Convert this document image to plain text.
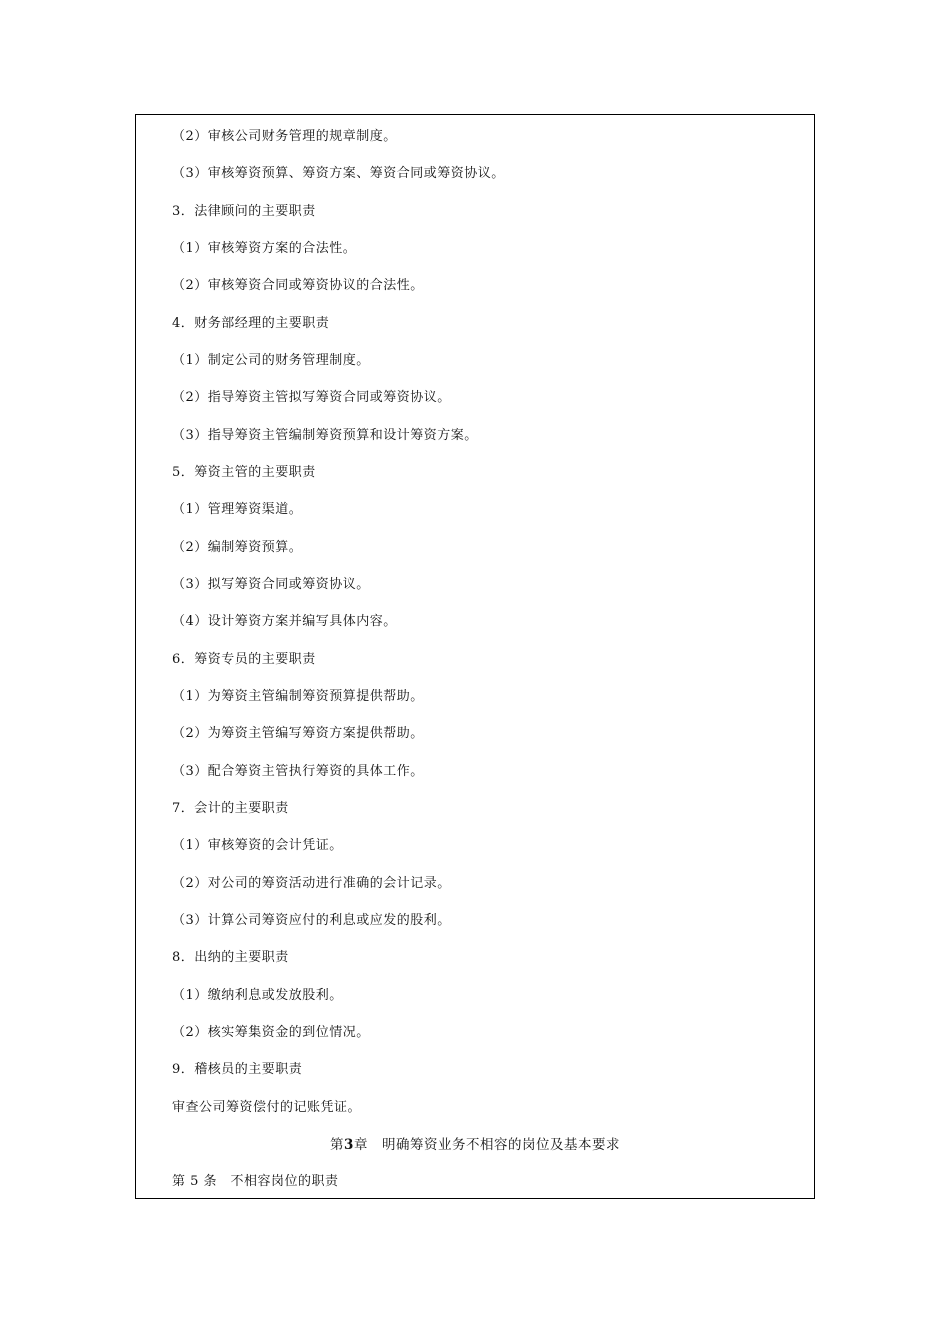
（2）审核公司财务管理的规章制度。
（3）审核筹资预算、筹资方案、筹资合同或筹资协议。
3．法律顾问的主要职责
（1）审核筹资方案的合法性。
（2）审核筹资合同或筹资协议的合法性。
4．财务部经理的主要职责
（1）制定公司的财务管理制度。
（2）指导筹资主管拟写筹资合同或筹资协议。
（3）指导筹资主管编制筹资预算和设计筹资方案。
5．筹资主管的主要职责
（1）管理筹资渠道。
（2）编制筹资预算。
（3）拟写筹资合同或筹资协议。
（4）设计筹资方案并编写具体内容。
6．筹资专员的主要职责
（1）为筹资主管编制筹资预算提供帮助。
（2）为筹资主管编写筹资方案提供帮助。
（3）配合筹资主管执行筹资的具体工作。
7．会计的主要职责
（1）审核筹资的会计凭证。
（2）对公司的筹资活动进行准确的会计记录。
（3）计算公司筹资应付的利息或应发的股利。
8．出纳的主要职责
（1）缴纳利息或发放股利。
（2）核实筹集资金的到位情况。
9．稽核员的主要职责
审查公司筹资偿付的记账凭证。
第3章　明确筹资业务不相容的岗位及基本要求
第 5 条　不相容岗位的职责
